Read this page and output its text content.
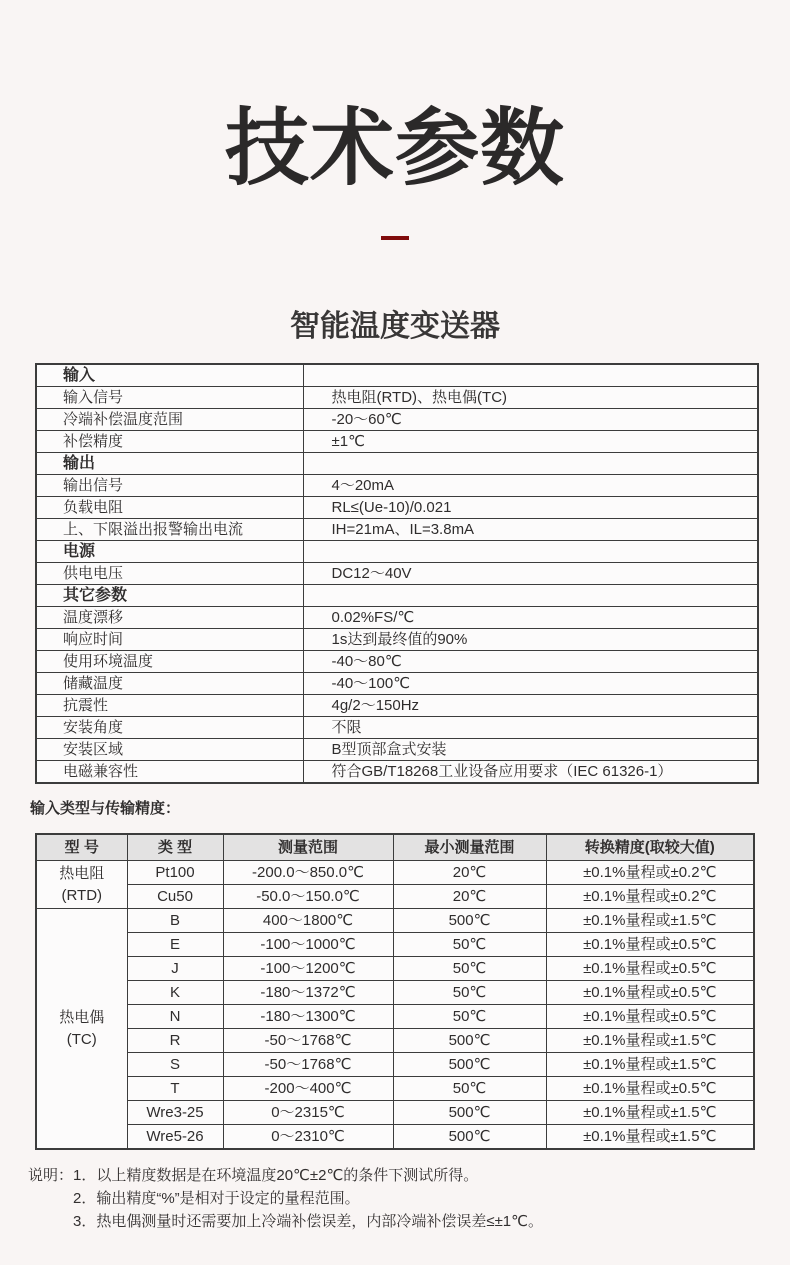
技术参数
智能温度变送器
输入	
输入信号	热电阻(RTD)、热电偶(TC)
冷端补偿温度范围	-20～60℃
补偿精度	±1℃
输出	
输出信号	4～20mA
负载电阻	RL≤(Ue-10)/0.021
上、下限溢出报警输出电流	IH=21mA、IL=3.8mA
电源	
供电电压	DC12～40V
其它参数	
温度漂移	0.02%FS/℃
响应时间	1s达到最终值的90%
使用环境温度	-40～80℃
储藏温度	-40～100℃
抗震性	4g/2～150Hz
安装角度	不限
安装区域	B型顶部盒式安装
电磁兼容性	符合GB/T18268工业设备应用要求（IEC 61326-1）
输入类型与传输精度：
型 号	类 型	测量范围	最小测量范围	转换精度(取较大值)
热电阻
(RTD)	Pt100	-200.0～850.0℃	20℃	±0.1%量程或±0.2℃
	Cu50	-50.0～150.0℃	20℃	±0.1%量程或±0.2℃
热电偶
(TC)	B	400～1800℃	500℃	±0.1%量程或±1.5℃
	E	-100～1000℃	50℃	±0.1%量程或±0.5℃
	J	-100～1200℃	50℃	±0.1%量程或±0.5℃
	K	-180～1372℃	50℃	±0.1%量程或±0.5℃
	N	-180～1300℃	50℃	±0.1%量程或±0.5℃
	R	-50～1768℃	500℃	±0.1%量程或±1.5℃
	S	-50～1768℃	500℃	±0.1%量程或±1.5℃
	T	-200～400℃	50℃	±0.1%量程或±0.5℃
	Wre3-25	0～2315℃	500℃	±0.1%量程或±1.5℃
	Wre5-26	0～2310℃	500℃	±0.1%量程或±1.5℃
说明：1．以上精度数据是在环境温度20℃±2℃的条件下测试所得。
2．输出精度“%”是相对于设定的量程范围。
3．热电偶测量时还需要加上冷端补偿误差，内部冷端补偿误差≤±1℃。
